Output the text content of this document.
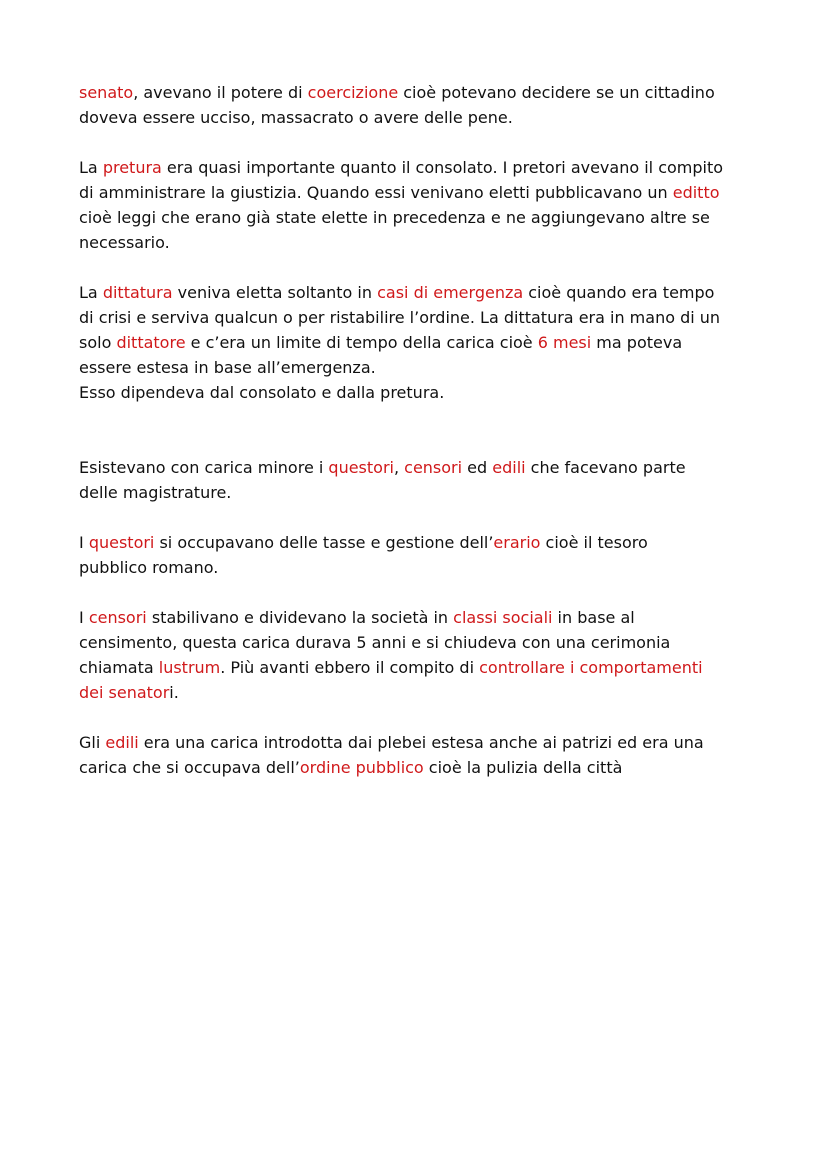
senato, avevano il potere di coercizione cioè potevano decidere se un cittadino
doveva essere ucciso, massacrato o avere delle pene.

La pretura era quasi importante quanto il consolato. I pretori avevano il compito
di amministrare la giustizia. Quando essi venivano eletti pubblicavano un editto
cioè leggi che erano già state elette in precedenza e ne aggiungevano altre se
necessario.

La dittatura veniva eletta soltanto in casi di emergenza cioè quando era tempo
di crisi e serviva qualcun o per ristabilire l’ordine. La dittatura era in mano di un
solo dittatore e c’era un limite di tempo della carica cioè 6 mesi ma poteva
essere estesa in base all’emergenza.
Esso dipendeva dal consolato e dalla pretura.

Esistevano con carica minore i questori, censori ed edili che facevano parte
delle magistrature.

I questori si occupavano delle tasse e gestione dell’erario cioè il tesoro
pubblico romano.

I censori stabilivano e dividevano la società in classi sociali in base al
censimento, questa carica durava 5 anni e si chiudeva con una cerimonia
chiamata lustrum. Più avanti ebbero il compito di controllare i comportamenti
dei senatori.

Gli edili era una carica introdotta dai plebei estesa anche ai patrizi ed era una
carica che si occupava dell’ordine pubblico cioè la pulizia della città
